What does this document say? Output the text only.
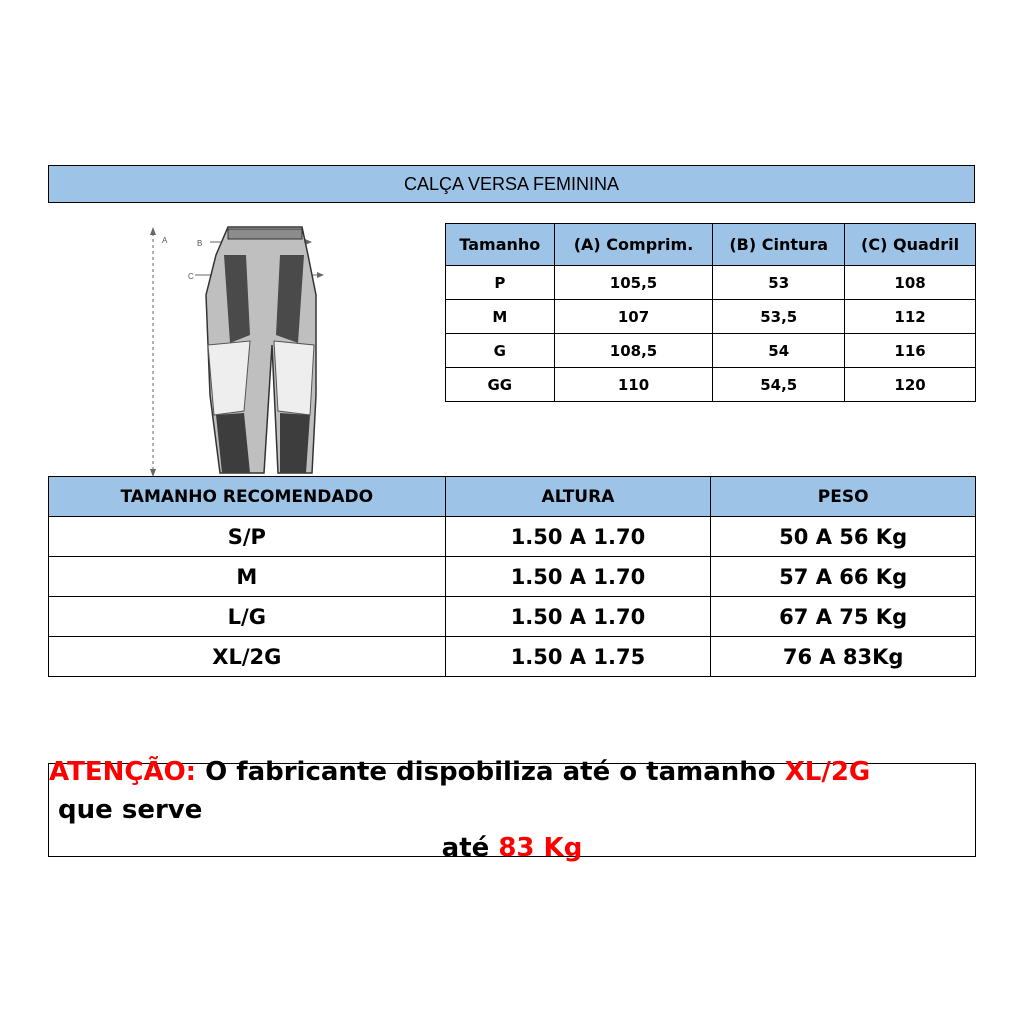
CALÇA VERSA FEMININA
A	B
C
Tamanho	(A) Comprim.	(B) Cintura	(C) Quadril
P	105,5	53	108
M	107	53,5	112
G	108,5	54	116
GG	110	54,5	120
TAMANHO RECOMENDADO	ALTURA	PESO
S/P	1.50 A 1.70	50 A 56 Kg
M	1.50 A 1.70	57 A 66 Kg
L/G	1.50 A 1.70	67 A 75 Kg
XL/2G	1.50 A 1.75	76 A 83Kg
ATENÇÃO: O fabricante dispobiliza até o tamanho XL/2G que serve
até 83 Kg
